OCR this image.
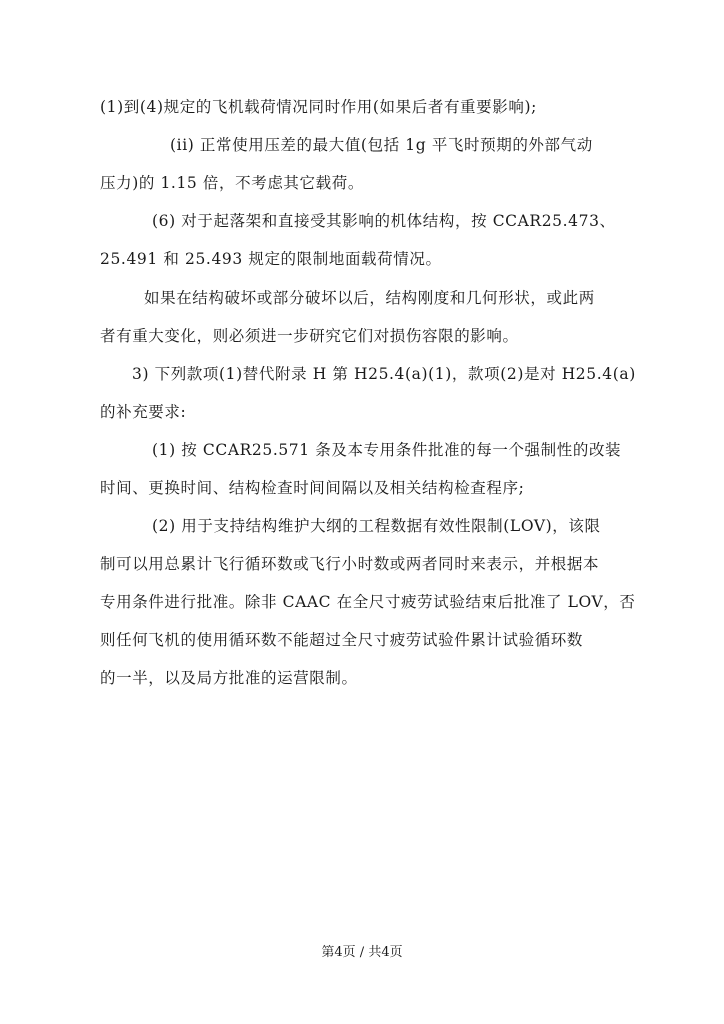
(1)到(4)规定的飞机载荷情况同时作用(如果后者有重要影响);
(ii) 正常使用压差的最大值(包括 1g 平飞时预期的外部气动
压力)的 1.15 倍，不考虑其它载荷。
(6) 对于起落架和直接受其影响的机体结构，按 CCAR25.473、
25.491 和 25.493 规定的限制地面载荷情况。
如果在结构破坏或部分破坏以后，结构刚度和几何形状，或此两
者有重大变化，则必须进一步研究它们对损伤容限的影响。
3) 下列款项(1)替代附录 H 第 H25.4(a)(1)，款项(2)是对 H25.4(a)
的补充要求:
(1) 按 CCAR25.571 条及本专用条件批准的每一个强制性的改装
时间、更换时间、结构检查时间间隔以及相关结构检查程序;
(2) 用于支持结构维护大纲的工程数据有效性限制(LOV)，该限
制可以用总累计飞行循环数或飞行小时数或两者同时来表示，并根据本
专用条件进行批准。除非 CAAC 在全尺寸疲劳试验结束后批准了 LOV，否
则任何飞机的使用循环数不能超过全尺寸疲劳试验件累计试验循环数
的一半，以及局方批准的运营限制。
第4页 / 共4页
